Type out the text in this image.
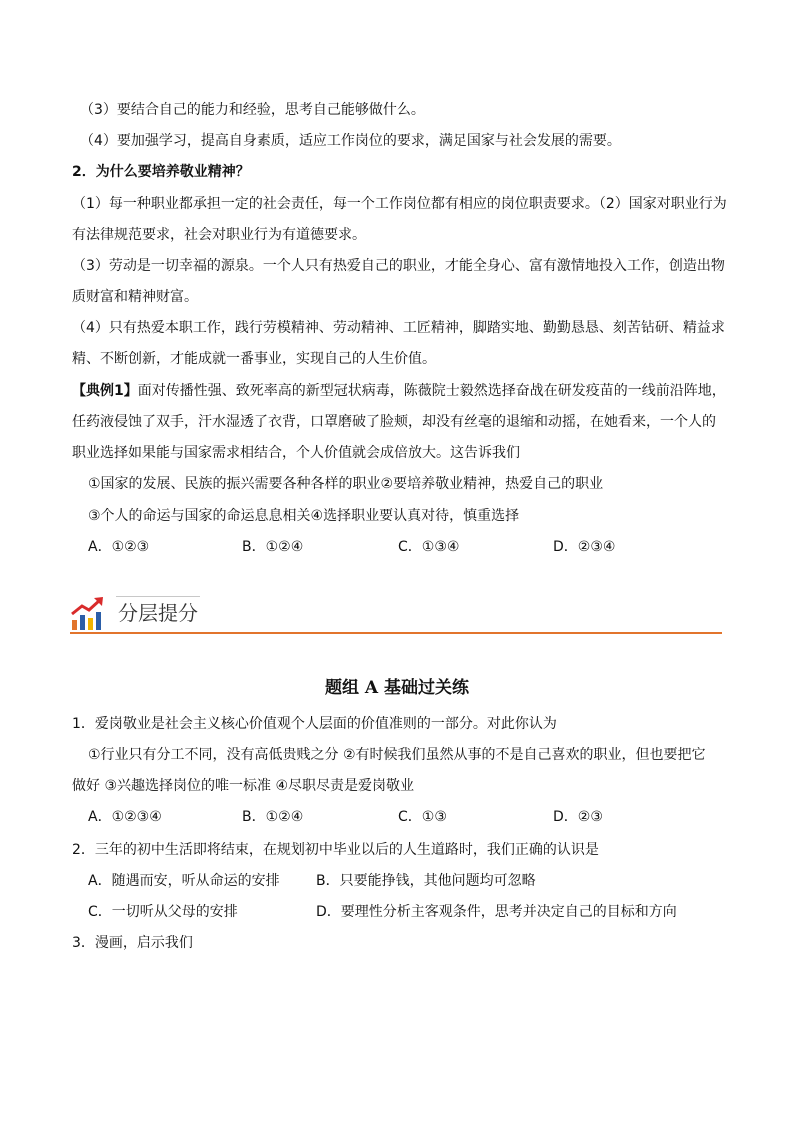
（3）要结合自己的能力和经验，思考自己能够做什么。
（4）要加强学习，提高自身素质，适应工作岗位的要求，满足国家与社会发展的需要。
2．为什么要培养敬业精神？
（1）每一种职业都承担一定的社会责任，每一个工作岗位都有相应的岗位职责要求。（2）国家对职业行为
有法律规范要求，社会对职业行为有道德要求。
（3）劳动是一切幸福的源泉。一个人只有热爱自己的职业，才能全身心、富有激情地投入工作，创造出物
质财富和精神财富。
（4）只有热爱本职工作，践行劳模精神、劳动精神、工匠精神，脚踏实地、勤勤恳恳、刻苦钻研、精益求
精、不断创新，才能成就一番事业，实现自己的人生价值。
【典例1】面对传播性强、致死率高的新型冠状病毒，陈薇院士毅然选择奋战在研发疫苗的一线前沿阵地，
任药液侵蚀了双手，汗水湿透了衣背，口罩磨破了脸颊，却没有丝毫的退缩和动摇，在她看来，一个人的
职业选择如果能与国家需求相结合，个人价值就会成倍放大。这告诉我们
①国家的发展、民族的振兴需要各种各样的职业②要培养敬业精神，热爱自己的职业
③个人的命运与国家的命运息息相关④选择职业要认真对待，慎重选择
A．①②③	B．①②④	C．①③④	D．②③④
分层提分
题组 A 基础过关练
1．爱岗敬业是社会主义核心价值观个人层面的价值准则的一部分。对此你认为
①行业只有分工不同，没有高低贵贱之分 ②有时候我们虽然从事的不是自己喜欢的职业，但也要把它
做好 ③兴趣选择岗位的唯一标准 ④尽职尽责是爱岗敬业
A．①②③④	B．①②④	C．①③	D．②③
2．三年的初中生活即将结束，在规划初中毕业以后的人生道路时，我们正确的认识是
A．随遇而安，听从命运的安排	B．只要能挣钱，其他问题均可忽略
C．一切听从父母的安排	D．要理性分析主客观条件，思考并决定自己的目标和方向
3．漫画，启示我们
